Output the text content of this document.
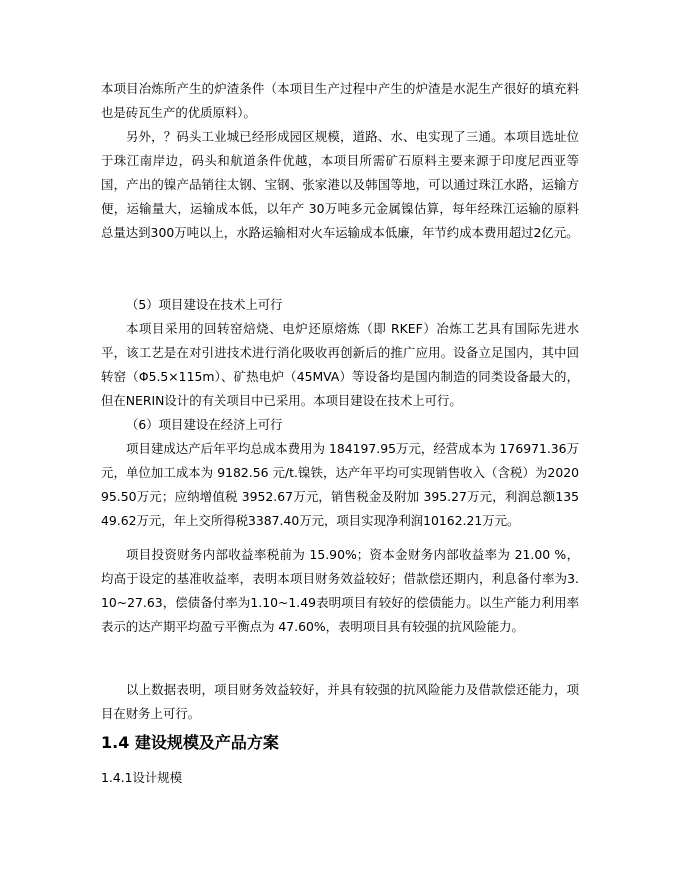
本项目冶炼所产生的炉渣条件（本项目生产过程中产生的炉渣是水泥生产很好的填充料也是砖瓦生产的优质原料）。

另外，？码头工业城已经形成园区规模，道路、水、电实现了三通。本项目选址位于珠江南岸边，码头和航道条件优越，本项目所需矿石原料主要来源于印度尼西亚等国，产出的镍产品销往太钢、宝钢、张家港以及韩国等地，可以通过珠江水路，运输方便，运输量大，运输成本低，以年产 30万吨多元金属镍估算，每年经珠江运输的原料总量达到300万吨以上，水路运输相对火车运输成本低廉，年节约成本费用超过2亿元。

（5）项目建设在技术上可行

本项目采用的回转窑焙烧、电炉还原熔炼（即 RKEF）冶炼工艺具有国际先进水平，该工艺是在对引进技术进行消化吸收再创新后的推广应用。设备立足国内，其中回转窑（Φ5.5×115m）、矿热电炉（45MVA）等设备均是国内制造的同类设备最大的，但在NERIN设计的有关项目中已采用。本项目建设在技术上可行。

（6）项目建设在经济上可行

项目建成达产后年平均总成本费用为 184197.95万元，经营成本为 176971.36万元，单位加工成本为 9182.56 元/t.镍铁，达产年平均可实现销售收入（含税）为202095.50万元；应纳增值税 3952.67万元，销售税金及附加 395.27万元，利润总额13549.62万元，年上交所得税3387.40万元，项目实现净利润10162.21万元。

项目投资财务内部收益率税前为 15.90%；资本金财务内部收益率为 21.00 %，均高于设定的基准收益率，表明本项目财务效益较好；借款偿还期内，利息备付率为3.10~27.63，偿债备付率为1.10~1.49表明项目有较好的偿债能力。以生产能力利用率表示的达产期平均盈亏平衡点为 47.60%，表明项目具有较强的抗风险能力。

以上数据表明，项目财务效益较好，并具有较强的抗风险能力及借款偿还能力，项目在财务上可行。

1.4 建设规模及产品方案

1.4.1设计规模
